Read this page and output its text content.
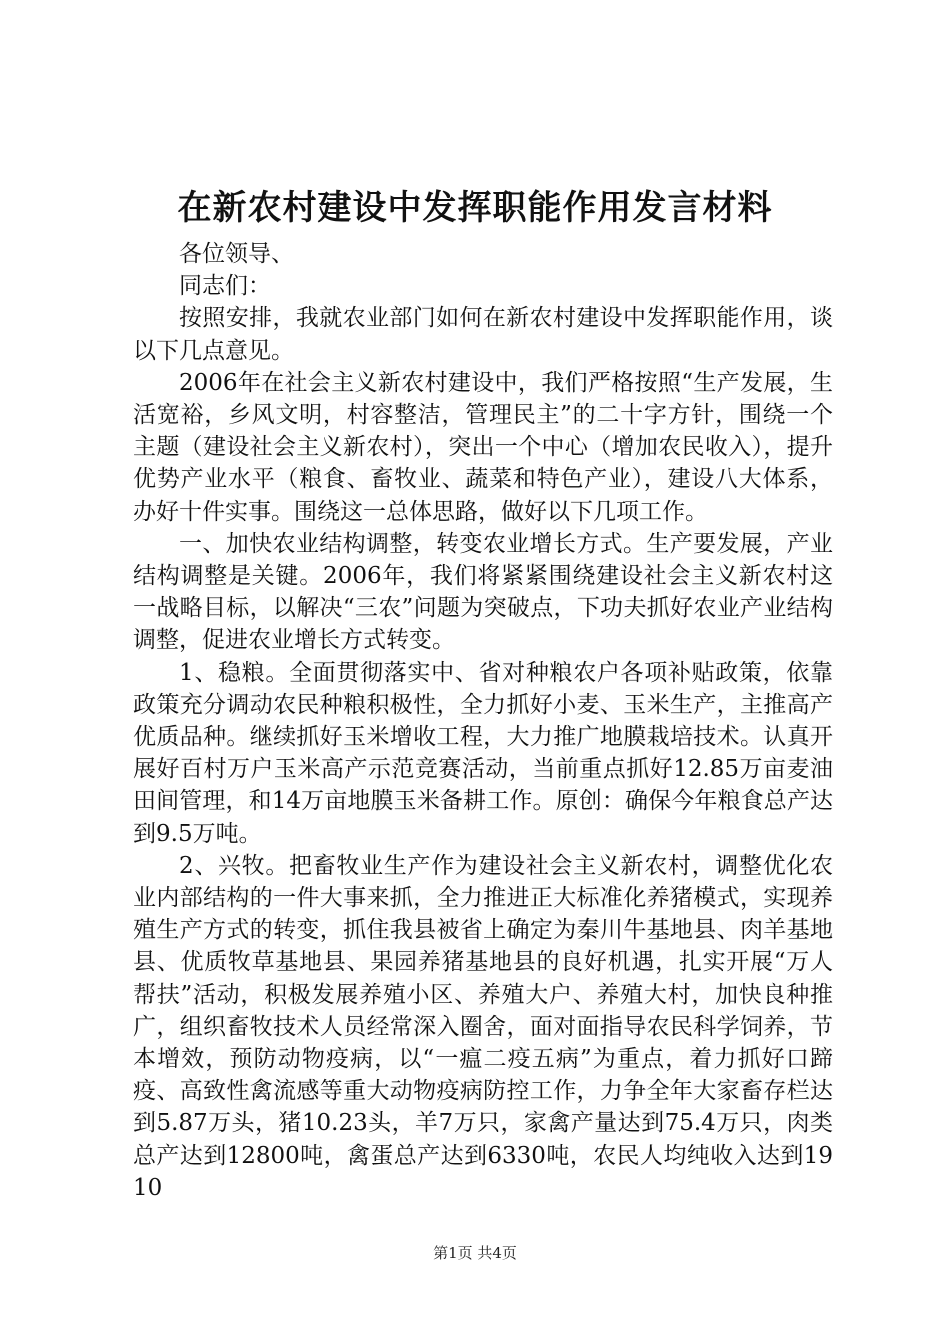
在新农村建设中发挥职能作用发言材料

各位领导、

同志们：

按照安排，我就农业部门如何在新农村建设中发挥职能作用，谈以下几点意见。

2006年在社会主义新农村建设中，我们严格按照“生产发展，生活宽裕，乡风文明，村容整洁，管理民主”的二十字方针，围绕一个主题（建设社会主义新农村），突出一个中心（增加农民收入），提升优势产业水平（粮食、畜牧业、蔬菜和特色产业），建设八大体系，办好十件实事。围绕这一总体思路，做好以下几项工作。

一、加快农业结构调整，转变农业增长方式。生产要发展，产业结构调整是关键。2006年，我们将紧紧围绕建设社会主义新农村这一战略目标，以解决“三农”问题为突破点，下功夫抓好农业产业结构调整，促进农业增长方式转变。

1、稳粮。全面贯彻落实中、省对种粮农户各项补贴政策，依靠政策充分调动农民种粮积极性，全力抓好小麦、玉米生产，主推高产优质品种。继续抓好玉米增收工程，大力推广地膜栽培技术。认真开展好百村万户玉米高产示范竞赛活动，当前重点抓好12.85万亩麦油田间管理，和14万亩地膜玉米备耕工作。原创：确保今年粮食总产达到9.5万吨。

2、兴牧。把畜牧业生产作为建设社会主义新农村，调整优化农业内部结构的一件大事来抓，全力推进正大标准化养猪模式，实现养殖生产方式的转变，抓住我县被省上确定为秦川牛基地县、肉羊基地县、优质牧草基地县、果园养猪基地县的良好机遇，扎实开展“万人帮扶”活动，积极发展养殖小区、养殖大户、养殖大村，加快良种推广，组织畜牧技术人员经常深入圈舍，面对面指导农民科学饲养，节本增效，预防动物疫病，以“一瘟二疫五病”为重点，着力抓好口蹄疫、高致性禽流感等重大动物疫病防控工作，力争全年大家畜存栏达到5.87万头，猪10.23头，羊7万只，家禽产量达到75.4万只，肉类总产达到12800吨，禽蛋总产达到6330吨，农民人均纯收入达到1910

第1页 共4页
